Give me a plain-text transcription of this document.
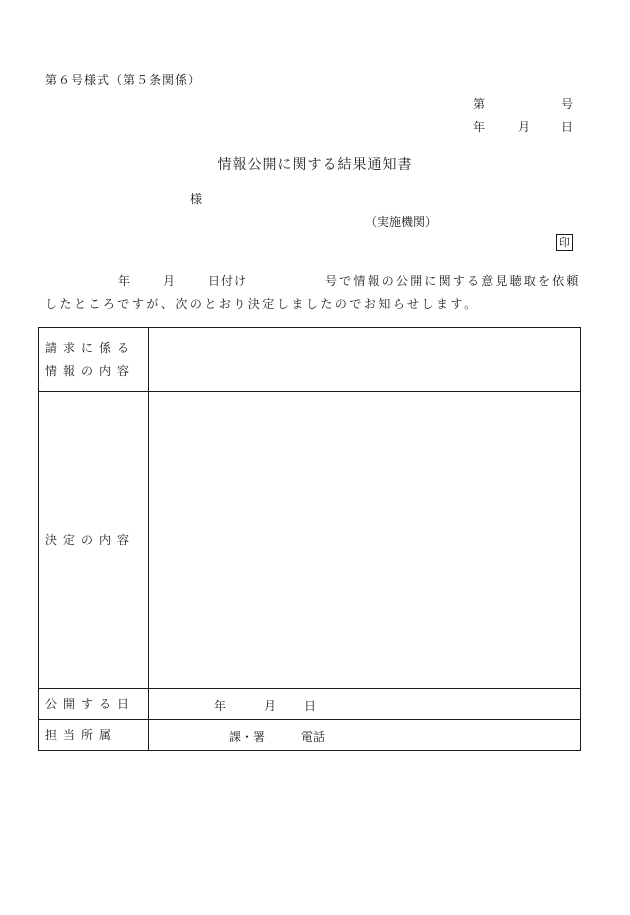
第６号様式（第５条関係）
第	号
年	月	日
情報公開に関する結果通知書
様
（実施機関）
印
年	月	日付け	号で情報の公開に関する意見聴取を依頼
したところですが、次のとおり決定しましたのでお知らせします。
請求に係る
情報の内容	

決定の内容	
公開する日	年 月 日

担当所属	課・署 電話
